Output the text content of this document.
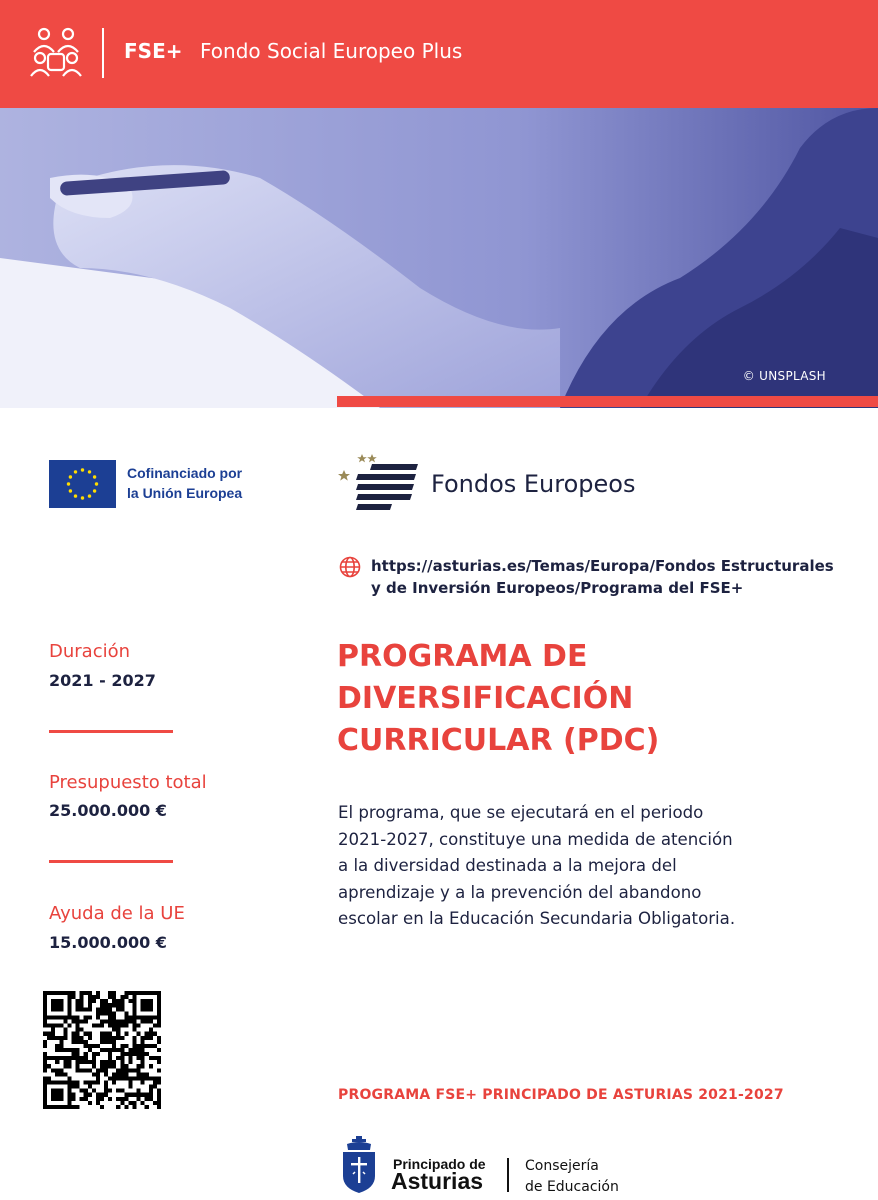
FSE+ Fondo Social Europeo Plus
© UNSPLASH
Cofinanciado por
la Unión Europea	Fondos Europeos
https://asturias.es/Temas/Europa/Fondos Estructurales
y de Inversión Europeos/Programa del FSE+
Duración
2021 - 2027
Presupuesto total
25.000.000 €
Ayuda de la UE
15.000.000 €
PROGRAMA DE
DIVERSIFICACIÓN
CURRICULAR (PDC)
El programa, que se ejecutará en el periodo
2021-2027, constituye una medida de atención
a la diversidad destinada a la mejora del
aprendizaje y a la prevención del abandono
escolar en la Educación Secundaria Obligatoria.
PROGRAMA FSE+ PRINCIPADO DE ASTURIAS 2021-2027
Principado de
Asturias
Consejería
de Educación
